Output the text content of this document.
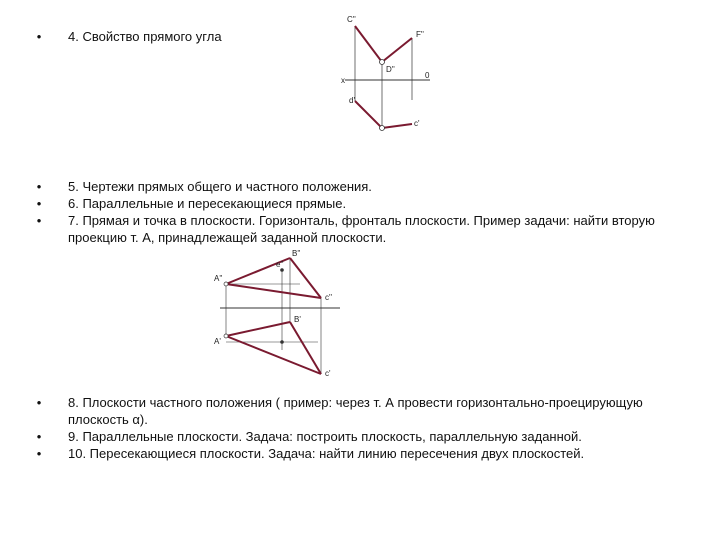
• 4. Свойство прямого угла
• 5. Чертежи прямых общего и частного положения.
• 6. Параллельные и пересекающиеся прямые.
• 7. Прямая и точка в плоскости. Горизонталь, фронталь плоскости. Пример задачи: найти вторую проекцию т. А, принадлежащей заданной плоскости.
• 8. Плоскости частного положения ( пример: через т. А провести горизонтально-проецирующую плоскость α).
• 9. Параллельные плоскости. Задача: построить плоскость, параллельную заданной.
• 10. Пересекающиеся плоскости. Задача: найти линию пересечения двух плоскостей.
C''
F''
D''
x
0
d'
c'
A''
B''
e''
c''
A'
B'
c'
